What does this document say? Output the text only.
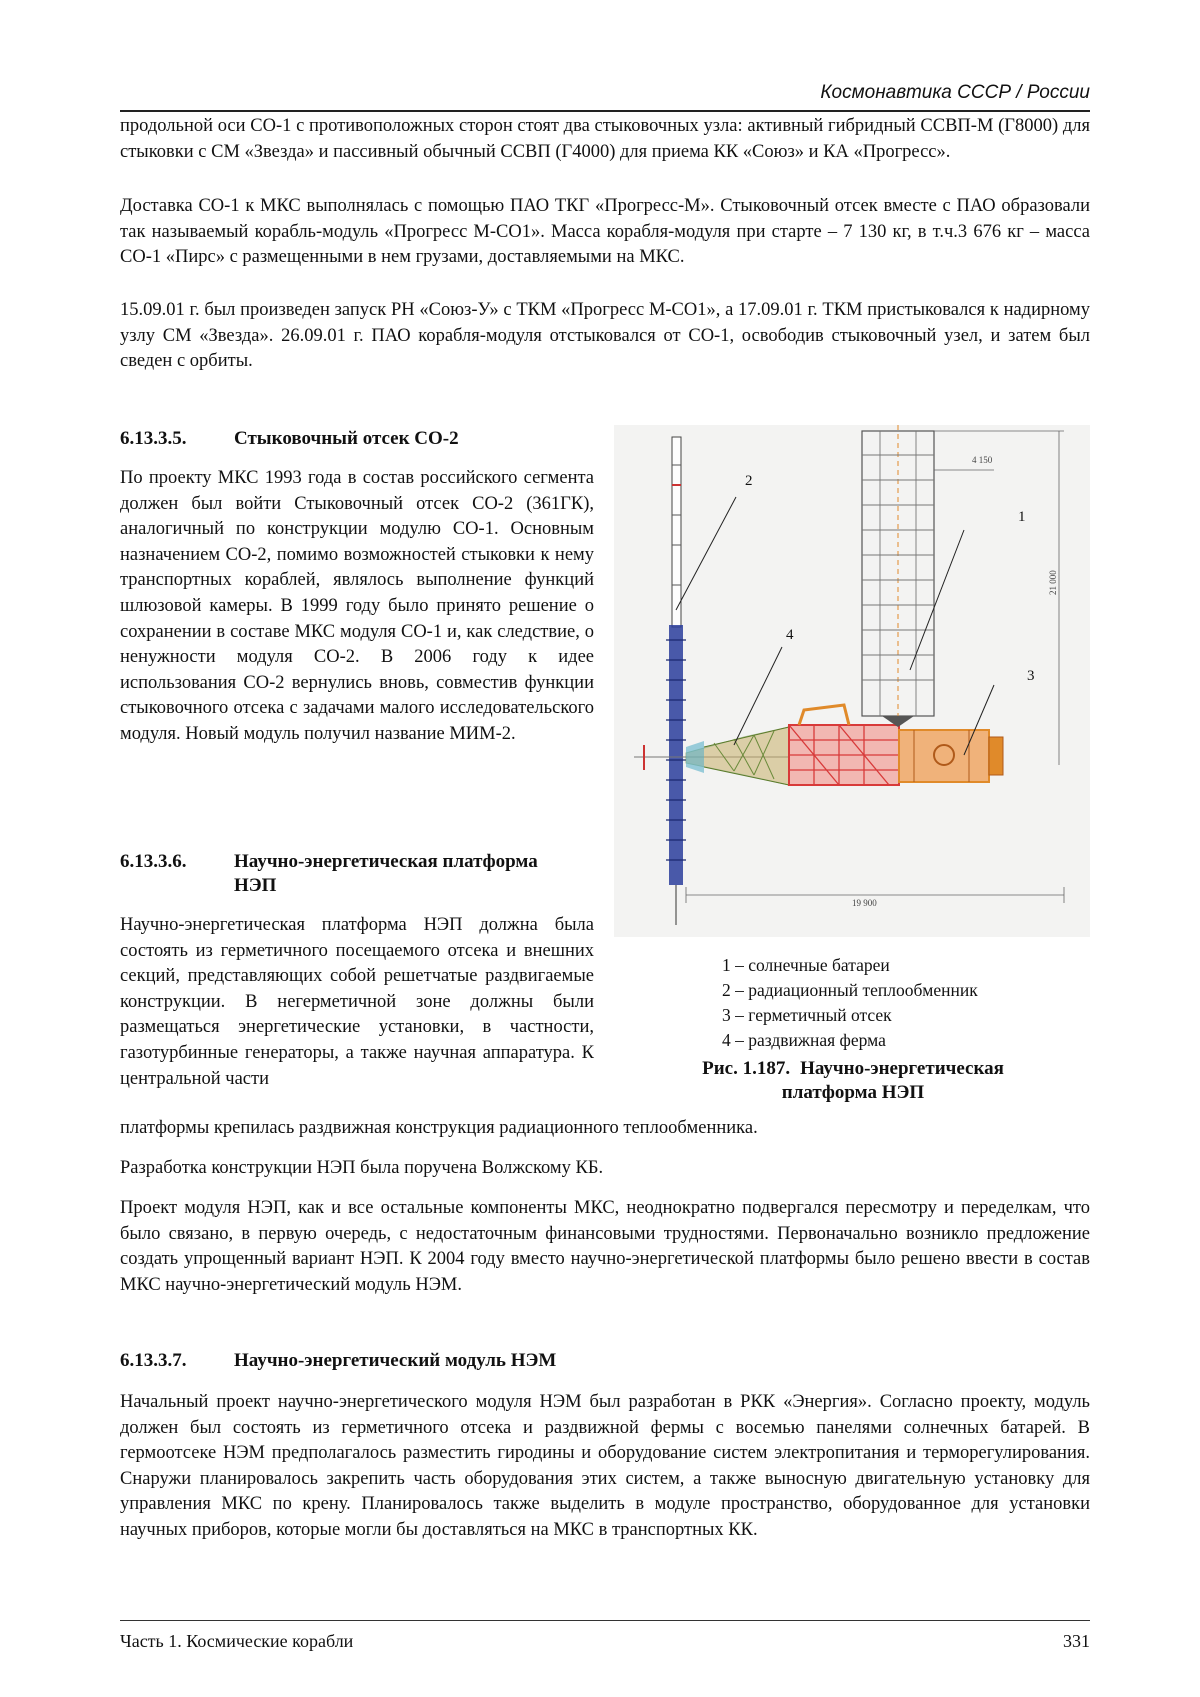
Космонавтика СССР / России

продольной оси СО-1 с противоположных сторон стоят два стыковочных узла: активный гибридный ССВП-М (Г8000) для стыковки с СМ «Звезда» и пассивный обычный ССВП (Г4000) для приема КК «Союз» и КА «Прогресс».

Доставка СО-1 к МКС выполнялась с помощью ПАО ТКГ «Прогресс-М». Стыковочный отсек вместе с ПАО образовали так называемый корабль-модуль «Прогресс М-СО1». Масса корабля-модуля при старте – 7 130 кг, в т.ч.3 676 кг – масса СО-1 «Пирс» с размещенными в нем грузами, доставляемыми на МКС.

15.09.01 г. был произведен запуск РН «Союз-У» с ТКМ «Прогресс М-СО1», а 17.09.01 г. ТКМ пристыковался к надирному узлу СМ «Звезда». 26.09.01 г. ПАО корабля-модуля отстыковался от СО-1, освободив стыковочный узел, и затем был сведен с орбиты.

6.13.3.5.	Стыковочный отсек СО-2

По проекту МКС 1993 года в состав российского сегмента должен был войти Стыковочный отсек СО-2 (361ГК), аналогичный по конструкции модулю СО-1. Основным назначением СО-2, помимо возможностей стыковки к нему транспортных кораблей, являлось выполнение функций шлюзовой камеры. В 1999 году было принято решение о сохранении в составе МКС модуля СО-1 и, как следствие, о ненужности модуля СО-2. В 2006 году к идее использования СО-2 вернулись вновь, совместив функции стыковочного отсека с задачами малого исследовательского модуля. Новый модуль получил название МИМ-2.

6.13.3.6.	Научно-энергетическая платформа
НЭП

Научно-энергетическая платформа НЭП должна была состоять из герметичного посещаемого отсека и внешних секций, представляющих собой решетчатые раздвигаемые конструкции. В негерметичной зоне должны были размещаться энергетические установки, в частности, газотурбинные генераторы, а также научная аппаратура. К центральной части

платформы крепилась раздвижная конструкция радиационного теплообменника.

Разработка конструкции НЭП была поручена Волжскому КБ.

Проект модуля НЭП, как и все остальные компоненты МКС, неоднократно подвергался пересмотру и переделкам, что было связано, в первую очередь, с недостаточным финансовыми трудностями. Первоначально возникло предложение создать упрощенный вариант НЭП. К 2004 году вместо научно-энергетической платформы было решено ввести в состав МКС научно-энергетический модуль НЭМ.

6.13.3.7.	Научно-энергетический модуль НЭМ

Начальный проект научно-энергетического модуля НЭМ был разработан в РКК «Энергия». Согласно проекту, модуль должен был состоять из герметичного отсека и раздвижной фермы с восемью панелями солнечных батарей. В гермоотсеке НЭМ предполагалось разместить гиродины и оборудование систем электропитания и терморегулирования. Снаружи планировалось закрепить часть оборудования этих систем, а также выносную двигательную установку для управления МКС по крену. Планировалось также выделить в модуле пространство, оборудованное для установки научных приборов, которые могли бы доставляться на МКС в транспортных КК.

2
1
4
3
4 150
21 000
19 900
1 – солнечные батареи
2 – радиационный теплообменник
3 – герметичный отсек
4 – раздвижная ферма
Рис. 1.187. Научно-энергетическая
платформа НЭП
Часть 1. Космические корабли	331
